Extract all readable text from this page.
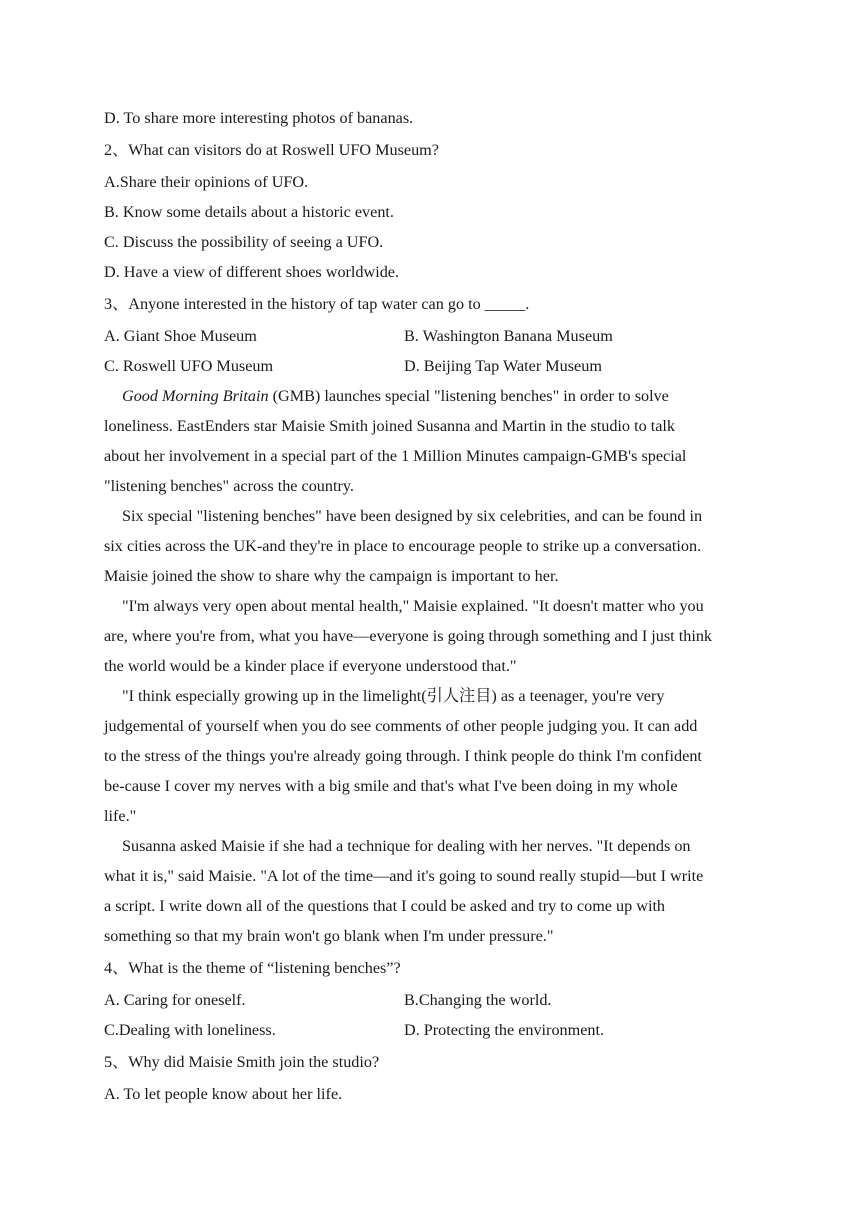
D. To share more interesting photos of bananas.

2、What can visitors do at Roswell UFO Museum?

A.Share their opinions of UFO.

B. Know some details about a historic event.

C. Discuss the possibility of seeing a UFO.

D. Have a view of different shoes worldwide.

3、Anyone interested in the history of tap water can go to _____.

A. Giant Shoe Museum	B. Washington Banana Museum
C. Roswell UFO Museum	D. Beijing Tap Water Museum

Good Morning Britain (GMB) launches special "listening benches" in order to solve

loneliness. EastEnders star Maisie Smith joined Susanna and Martin in the studio to talk

about her involvement in a special part of the 1 Million Minutes campaign-GMB's special

"listening benches" across the country.

Six special "listening benches" have been designed by six celebrities, and can be found in

six cities across the UK-and they're in place to encourage people to strike up a conversation.

Maisie joined the show to share why the campaign is important to her.

"I'm always very open about mental health," Maisie explained. "It doesn't matter who you

are, where you're from, what you have—everyone is going through something and I just think

the world would be a kinder place if everyone understood that."

"I think especially growing up in the limelight(引人注目) as a teenager, you're very

judgemental of yourself when you do see comments of other people judging you. It can add

to the stress of the things you're already going through. I think people do think I'm confident

be-cause I cover my nerves with a big smile and that's what I've been doing in my whole

life."

Susanna asked Maisie if she had a technique for dealing with her nerves. "It depends on

what it is," said Maisie. "A lot of the time—and it's going to sound really stupid—but I write

a script. I write down all of the questions that I could be asked and try to come up with

something so that my brain won't go blank when I'm under pressure."

4、What is the theme of “listening benches”?

A. Caring for oneself.	B.Changing the world.
C.Dealing with loneliness.	D. Protecting the environment.

5、Why did Maisie Smith join the studio?

A. To let people know about her life.
